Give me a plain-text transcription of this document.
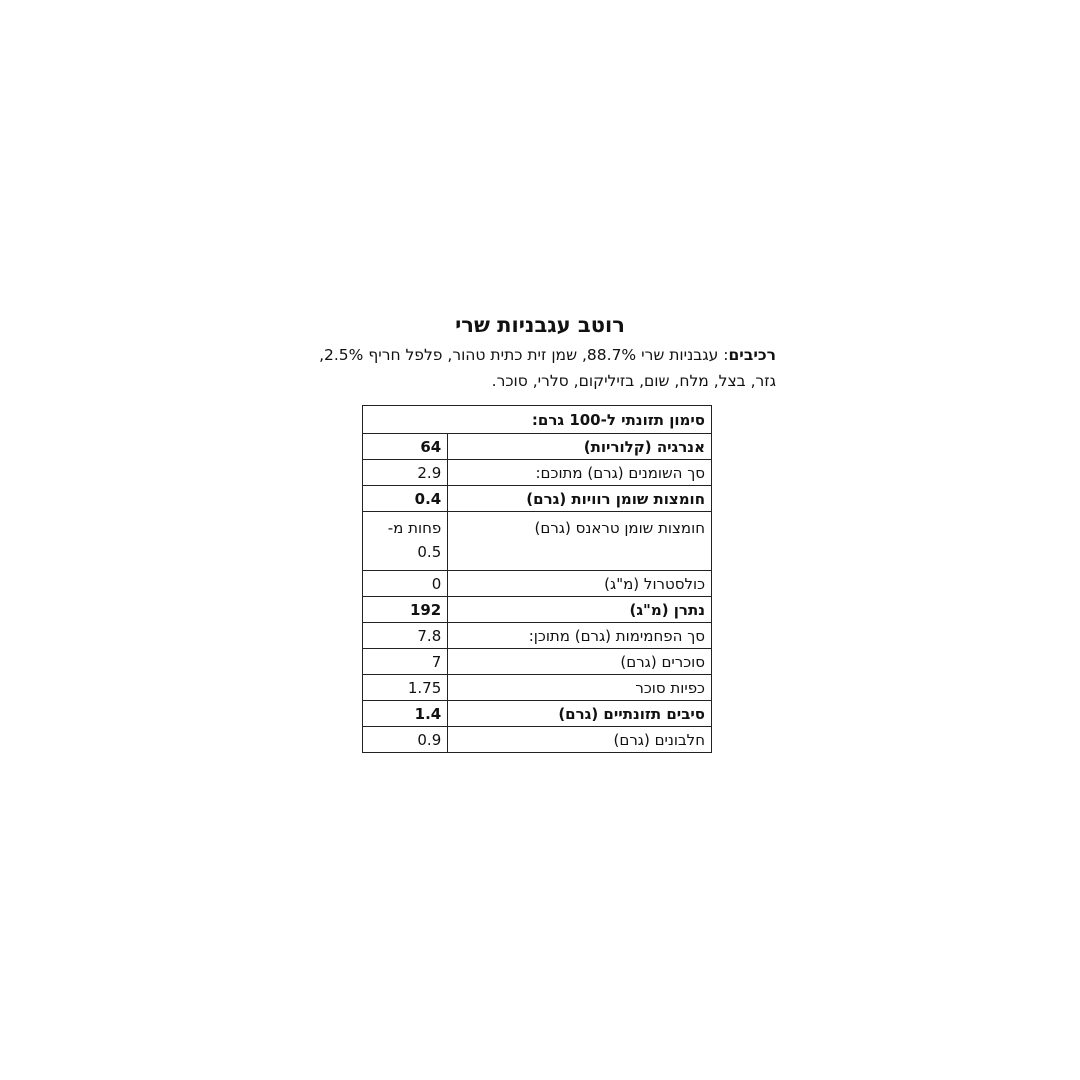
רוטב עגבניות שרי
רכיבים: עגבניות שרי 88.7%, שמן זית כתית טהור, פלפל חריף 2.5%, גזר, בצל, מלח, שום, בזיליקום, סלרי, סוכר.
סימון תזונתי ל-100 גרם:	
אנרגיה (קלוריות)	64
סך השומנים (גרם) מתוכם:	2.9
חומצות שומן רוויות (גרם)	0.4
חומצות שומן טראנס (גרם)	פחות מ- 0.5
כולסטרול (מ"ג)	0
נתרן (מ"ג)	192
סך הפחמימות (גרם) מתוכן:	7.8
סוכרים (גרם)	7
כפיות סוכר	1.75
סיבים תזונתיים (גרם)	1.4
חלבונים (גרם)	0.9
